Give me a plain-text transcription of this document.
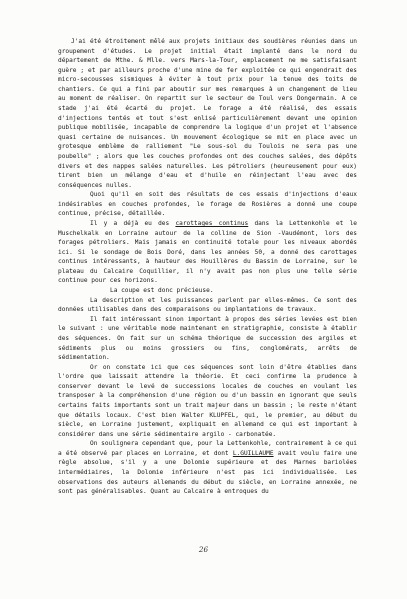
J'ai été étroitement mêlé aux projets initiaux des soudières réunies dans un groupement d'études. Le projet initial était implanté dans le nord du département de Mthe. & Mlle. vers Mars-la-Tour, emplacement ne me satisfaisant guère ; et par ailleurs proche d'une mine de fer exploitée ce qui engendrait des micro-secousses sismiques à éviter à tout prix pour la tenue des toits de chantiers. Ce qui a fini par aboutir sur mes remarques à un changement de lieu au moment de réaliser. On repartit sur le secteur de Toul vers Dongermain. A ce stade j'ai été écarté du projet. Le forage a été réalisé, des essais d'injections tentés et tout s'est enlisé particulièrement devant une opinion publique mobilisée, incapable de comprendre la logique d'un projet et l'absence quasi certaine de nuisances. Un mouvement écologique se mit en place avec un grotesque emblème de ralliement "Le sous-sol du Toulois ne sera pas une poubelle" ; alors que les couches profondes ont des couches salées, des dépôts divers et des nappes salées naturelles. Les pétroliers (heureusement pour eux) tirent bien un mélange d'eau et d'huile en réinjectant l'eau avec des conséquences nulles.

Quoi qu'il en soit des résultats de ces essais d'injections d'eaux indésirables en couches profondes, le forage de Rosières a donné une coupe continue, précise, détaillée.

Il y a déjà eu des carottages continus dans la Lettenkohle et le Muschelkalk en Lorraine autour de la colline de Sion -Vaudémont, lors des forages pétroliers. Mais jamais en continuité totale pour les niveaux abordés ici. Si le sondage de Bois Doré, dans les années 50, a donné des carottages continus intéressants, à hauteur des Houillères du Bassin de Lorraine, sur le plateau du Calcaire Coquillier, il n'y avait pas non plus une telle série continue pour ces horizons.

La coupe est donc précieuse.

La description et les puissances parlent par elles-mêmes. Ce sont des données utilisables dans des comparaisons ou implantations de travaux.

Il fait intéressant sinon important à propos des séries levées est bien le suivant : une véritable mode maintenant en stratigraphie, consiste à établir des séquences. On fait sur un schéma théorique de succession des argiles et sédiments plus ou moins grossiers ou fins, conglomérats, arrêts de sédimentation.

Or on constate ici que ces séquences sont loin d'être établies dans l'ordre que laissait attendre la théorie. Et ceci confirme la prudence à conserver devant le levé de successions locales de couches en voulant les transposer à la compréhension d'une région ou d'un bassin en ignorant que seuls certains faits importants sont un trait majeur dans un bassin ; le reste n'étant que détails locaux. C'est bien Walter KLUPFEL, qui, le premier, au début du siècle, en Lorraine justement, expliquait en allemand ce qui est important à considérer dans une série sédimentaire argilo - carbonatée.

On soulignera cependant que, pour la Lettenkohle, contrairement à ce qui a été observé par places en Lorraine, et dont L.GUILLAUME avait voulu faire une règle absolue, s'il y a une Dolomie supérieure et des Marnes bariolées intermédiaires, la Dolomie inférieure n'est pas ici individualisée. Les observations des auteurs allemands du début du siècle, en Lorraine annexée, ne sont pas généralisables. Quant au Calcaire à entroques du

26
